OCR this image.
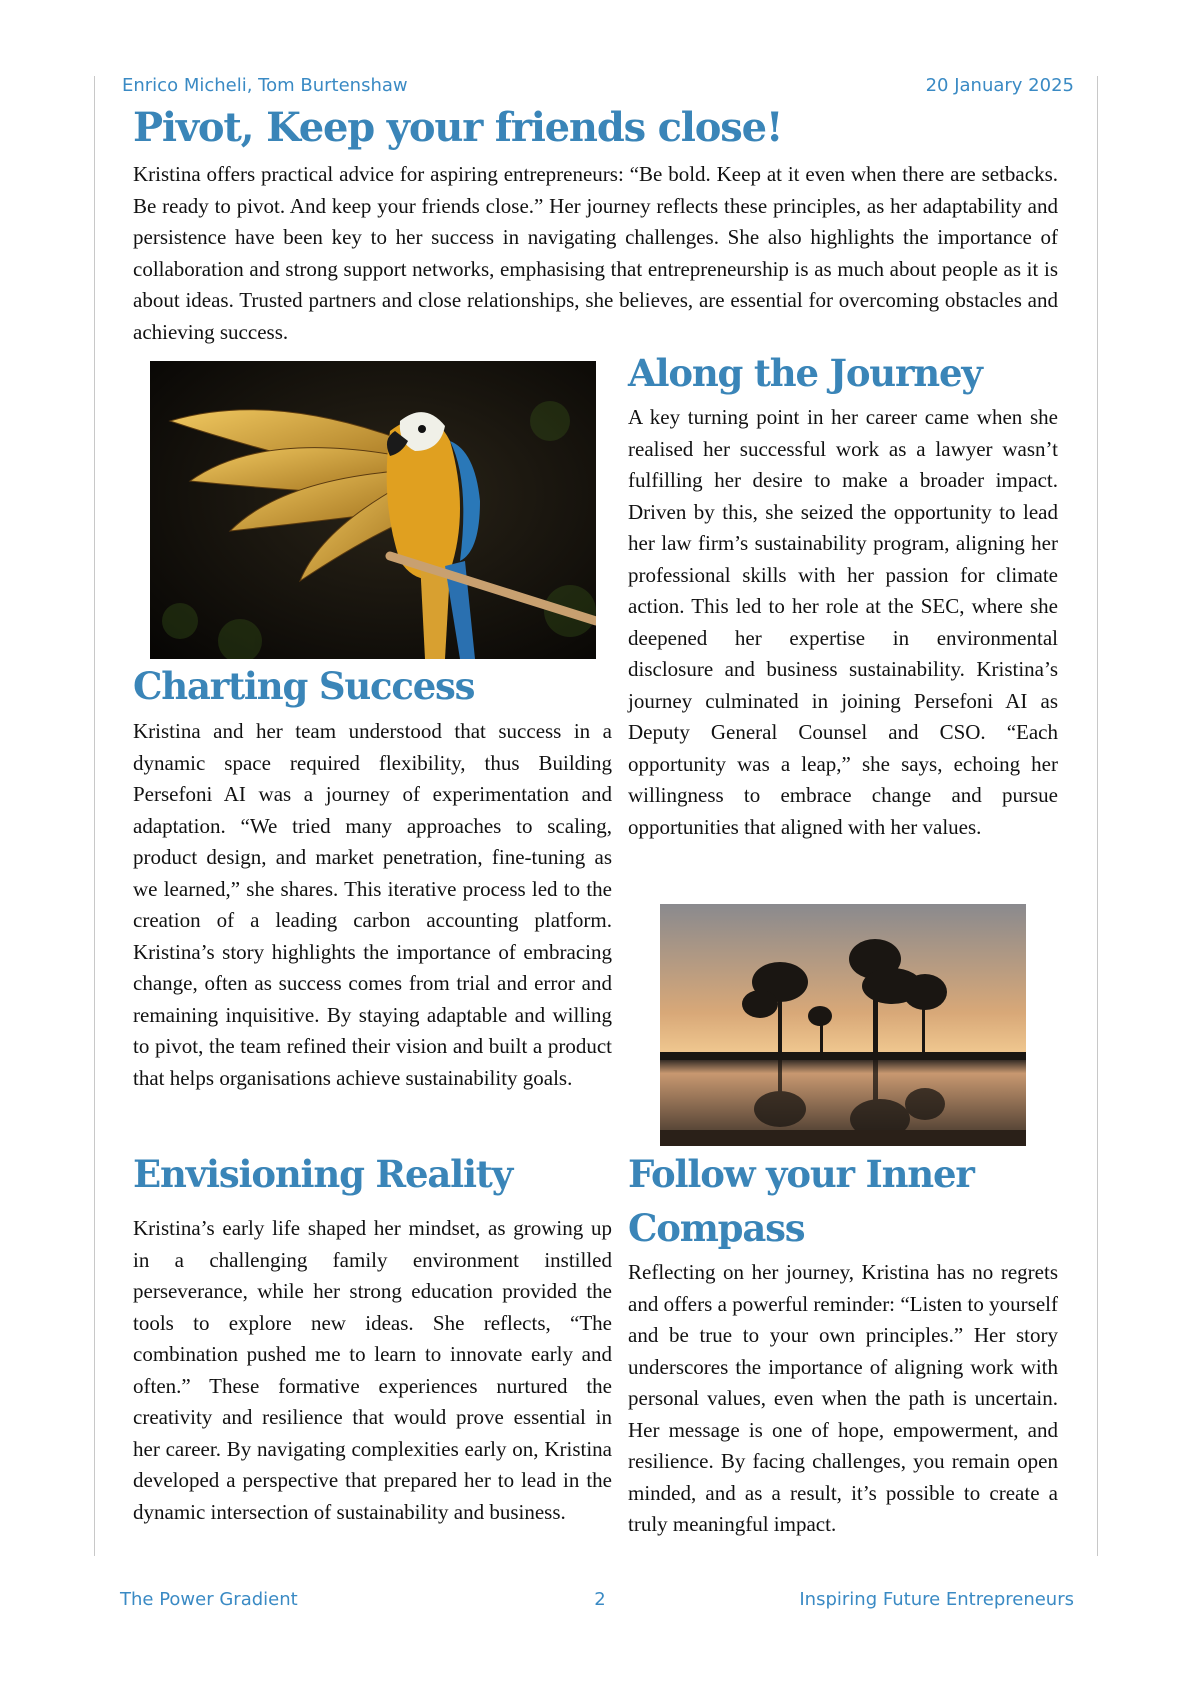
Enrico Micheli, Tom Burtenshaw	20 January 2025
Pivot, Keep your friends close!

Kristina offers practical advice for aspiring entrepreneurs: “Be bold. Keep at it even when there are setbacks. Be ready to pivot. And keep your friends close.” Her journey reflects these principles, as her adaptability and persistence have been key to her success in navigating challenges. She also highlights the importance of collaboration and strong support networks, emphasising that entrepreneurship is as much about people as it is about ideas. Trusted partners and close relationships, she believes, are essential for overcoming obstacles and achieving success.

Charting Success

Kristina and her team understood that success in a dynamic space required flexibility, thus Building Persefoni AI was a journey of experimentation and adaptation. “We tried many approaches to scaling, product design, and market penetration, fine-tuning as we learned,” she shares. This iterative process led to the creation of a leading carbon accounting platform. Kristina’s story highlights the importance of embracing change, often as success comes from trial and error and remaining inquisitive. By staying adaptable and willing to pivot, the team refined their vision and built a product that helps organisations achieve sustainability goals.

Envisioning Reality

Kristina’s early life shaped her mindset, as growing up in a challenging family environment instilled perseverance, while her strong education provided the tools to explore new ideas. She reflects, “The combination pushed me to learn to innovate early and often.” These formative experiences nurtured the creativity and resilience that would prove essential in her career. By navigating complexities early on, Kristina developed a perspective that prepared her to lead in the dynamic intersection of sustainability and business.

Along the Journey

A key turning point in her career came when she realised her successful work as a lawyer wasn’t fulfilling her desire to make a broader impact. Driven by this, she seized the opportunity to lead her law firm’s sustainability program, aligning her professional skills with her passion for climate action. This led to her role at the SEC, where she deepened her expertise in environmental disclosure and business sustainability. Kristina’s journey culminated in joining Persefoni AI as Deputy General Counsel and CSO. “Each opportunity was a leap,” she says, echoing her willingness to embrace change and pursue opportunities that aligned with her values.

Follow your Inner Compass

Reflecting on her journey, Kristina has no regrets and offers a powerful reminder: “Listen to yourself and be true to your own principles.” Her story underscores the importance of aligning work with personal values, even when the path is uncertain. Her message is one of hope, empowerment, and resilience. By facing challenges, you remain open minded, and as a result, it’s possible to create a truly meaningful impact.

The Power Gradient	2	Inspiring Future Entrepreneurs
